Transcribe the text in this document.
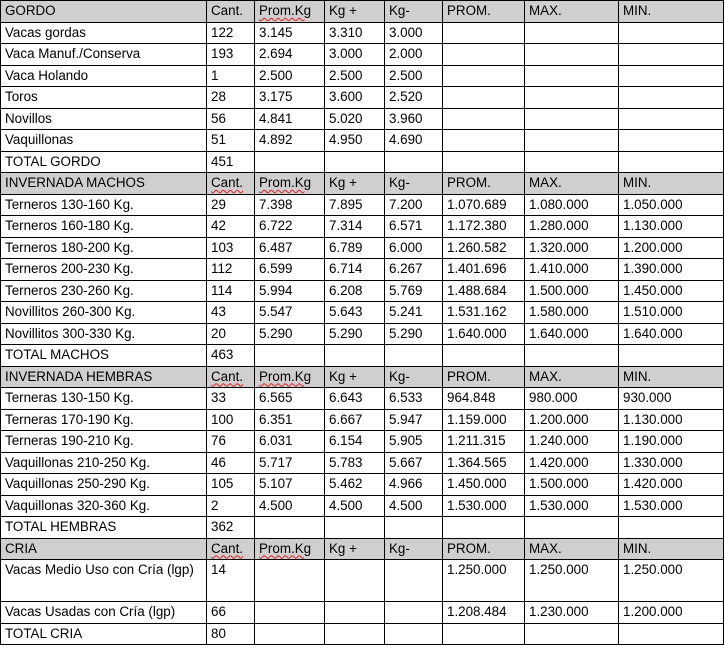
GORDO	Cant.	Prom.Kg	Kg +	Kg-	PROM.	MAX.	MIN.
Vacas gordas	122	3.145	3.310	3.000			
Vaca Manuf./Conserva	193	2.694	3.000	2.000			
Vaca Holando	1	2.500	2.500	2.500			
Toros	28	3.175	3.600	2.520			
Novillos	56	4.841	5.020	3.960			
Vaquillonas	51	4.892	4.950	4.690			
TOTAL GORDO	451						
INVERNADA MACHOS	Cant.	Prom.Kg	Kg +	Kg-	PROM.	MAX.	MIN.
Terneros 130-160 Kg.	29	7.398	7.895	7.200	1.070.689	1.080.000	1.050.000
Terneros 160-180 Kg.	42	6.722	7.314	6.571	1.172.380	1.280.000	1.130.000
Terneros 180-200 Kg.	103	6.487	6.789	6.000	1.260.582	1.320.000	1.200.000
Terneros 200-230 Kg.	112	6.599	6.714	6.267	1.401.696	1.410.000	1.390.000
Terneros 230-260 Kg.	114	5.994	6.208	5.769	1.488.684	1.500.000	1.450.000
Novillitos 260-300 Kg.	43	5.547	5.643	5.241	1.531.162	1.580.000	1.510.000
Novillitos 300-330 Kg.	20	5.290	5.290	5.290	1.640.000	1.640.000	1.640.000
TOTAL MACHOS	463						
INVERNADA HEMBRAS	Cant.	Prom.Kg	Kg +	Kg-	PROM.	MAX.	MIN.
Terneras 130-150 Kg.	33	6.565	6.643	6.533	964.848	980.000	930.000
Terneras 170-190 Kg.	100	6.351	6.667	5.947	1.159.000	1.200.000	1.130.000
Terneras 190-210 Kg.	76	6.031	6.154	5.905	1.211.315	1.240.000	1.190.000
Vaquillonas 210-250 Kg.	46	5.717	5.783	5.667	1.364.565	1.420.000	1.330.000
Vaquillonas 250-290 Kg.	105	5.107	5.462	4.966	1.450.000	1.500.000	1.420.000
Vaquillonas 320-360 Kg.	2	4.500	4.500	4.500	1.530.000	1.530.000	1.530.000
TOTAL HEMBRAS	362						
CRIA	Cant.	Prom.Kg	Kg +	Kg-	PROM.	MAX.	MIN.
Vacas Medio Uso con Cría (lgp)	14				1.250.000	1.250.000	1.250.000
Vacas Usadas con Cría (lgp)	66				1.208.484	1.230.000	1.200.000
TOTAL CRIA	80						
